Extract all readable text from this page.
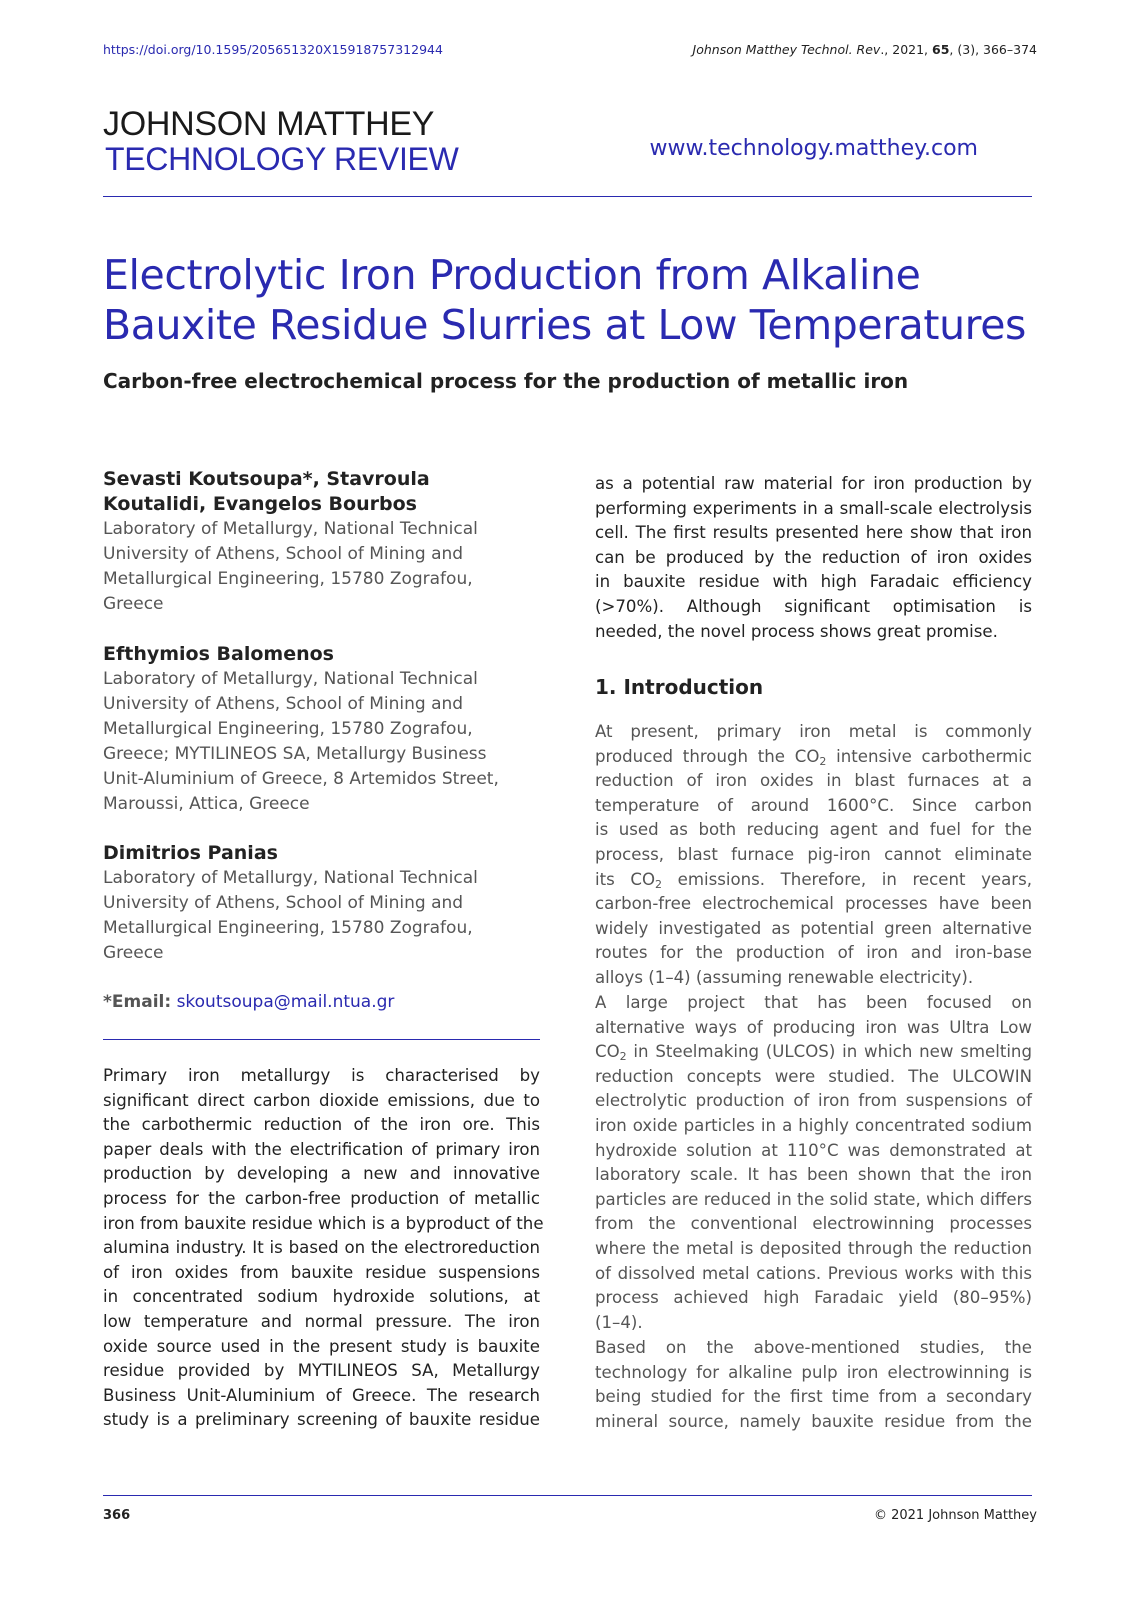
https://doi.org/10.1595/205651320X15918757312944	Johnson Matthey Technol. Rev., 2021, 65, (3), 366–374
JOHNSON MATTHEY
TECHNOLOGY REVIEW	www.technology.matthey.com
Electrolytic Iron Production from Alkaline
Bauxite Residue Slurries at Low Temperatures
Carbon-free electrochemical process for the production of metallic iron
Sevasti Koutsoupa*, Stavroula
Koutalidi, Evangelos Bourbos
Laboratory of Metallurgy, National Technical
University of Athens, School of Mining and
Metallurgical Engineering, 15780 Zografou,
Greece
Efthymios Balomenos
Laboratory of Metallurgy, National Technical
University of Athens, School of Mining and
Metallurgical Engineering, 15780 Zografou,
Greece; MYTILINEOS SA, Metallurgy Business
Unit-Aluminium of Greece, 8 Artemidos Street,
Maroussi, Attica, Greece
Dimitrios Panias
Laboratory of Metallurgy, National Technical
University of Athens, School of Mining and
Metallurgical Engineering, 15780 Zografou,
Greece
*Email: skoutsoupa@mail.ntua.gr
Primary iron metallurgy is characterised by
significant direct carbon dioxide emissions, due to
the carbothermic reduction of the iron ore. This
paper deals with the electrification of primary iron
production by developing a new and innovative
process for the carbon-free production of metallic
iron from bauxite residue which is a byproduct of the
alumina industry. It is based on the electroreduction
of iron oxides from bauxite residue suspensions
in concentrated sodium hydroxide solutions, at
low temperature and normal pressure. The iron
oxide source used in the present study is bauxite
residue provided by MYTILINEOS SA, Metallurgy
Business Unit-Aluminium of Greece. The research
study is a preliminary screening of bauxite residue
as a potential raw material for iron production by
performing experiments in a small-scale electrolysis
cell. The first results presented here show that iron
can be produced by the reduction of iron oxides
in bauxite residue with high Faradaic efficiency
(>70%). Although significant optimisation is
needed, the novel process shows great promise.
1. Introduction
At present, primary iron metal is commonly
produced through the $CO_2$ intensive carbothermic
reduction of iron oxides in blast furnaces at a
temperature of around 1600°C. Since carbon
is used as both reducing agent and fuel for the
process, blast furnace pig-iron cannot eliminate
its $CO_2$ emissions. Therefore, in recent years,
carbon-free electrochemical processes have been
widely investigated as potential green alternative
routes for the production of iron and iron-base
alloys (1–4) (assuming renewable electricity).
A large project that has been focused on
alternative ways of producing iron was Ultra Low
$CO_2$ in Steelmaking (ULCOS) in which new smelting
reduction concepts were studied. The ULCOWIN
electrolytic production of iron from suspensions of
iron oxide particles in a highly concentrated sodium
hydroxide solution at 110°C was demonstrated at
laboratory scale. It has been shown that the iron
particles are reduced in the solid state, which differs
from the conventional electrowinning processes
where the metal is deposited through the reduction
of dissolved metal cations. Previous works with this
process achieved high Faradaic yield (80–95%)
(1–4).
Based on the above-mentioned studies, the
technology for alkaline pulp iron electrowinning is
being studied for the first time from a secondary
mineral source, namely bauxite residue from the
366	© 2021 Johnson Matthey
